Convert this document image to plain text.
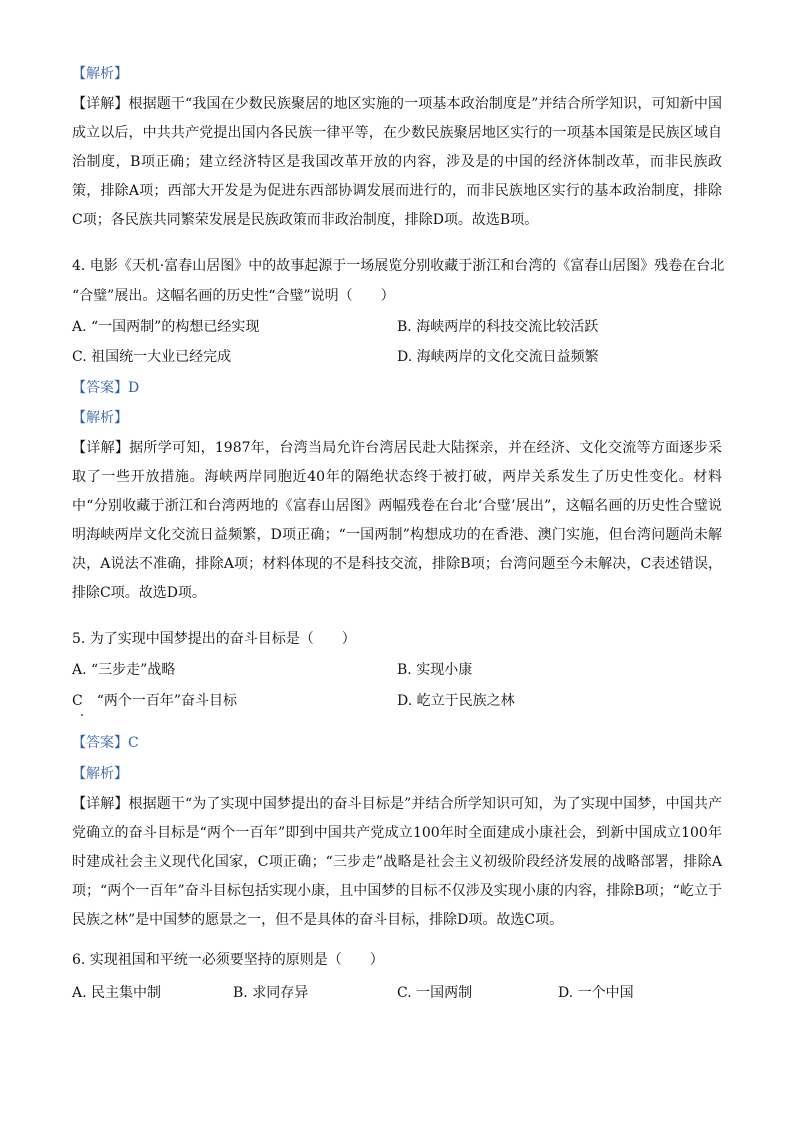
【解析】
【详解】根据题干“我国在少数民族聚居的地区实施的一项基本政治制度是”并结合所学知识，可知新中国成立以后，中共共产党提出国内各民族一律平等，在少数民族聚居地区实行的一项基本国策是民族区域自治制度，B项正确；建立经济特区是我国改革开放的内容，涉及是的中国的经济体制改革，而非民族政策，排除A项；西部大开发是为促进东西部协调发展而进行的，而非民族地区实行的基本政治制度，排除C项；各民族共同繁荣发展是民族政策而非政治制度，排除D项。故选B项。
4. 电影《天机·富春山居图》中的故事起源于一场展览分别收藏于浙江和台湾的《富春山居图》残卷在台北
“合璧”展出。这幅名画的历史性“合璧”说明（　　）
A. “一国两制”的构想已经实现	B. 海峡两岸的科技交流比较活跃
C. 祖国统一大业已经完成	D. 海峡两岸的文化交流日益频繁
【答案】D
【解析】
【详解】据所学可知，1987年，台湾当局允许台湾居民赴大陆探亲，并在经济、文化交流等方面逐步采取了一些开放措施。海峡两岸同胞近40年的隔绝状态终于被打破，两岸关系发生了历史性变化。材料中“分别收藏于浙江和台湾两地的《富春山居图》两幅残卷在台北‘合璧’展出”，这幅名画的历史性合璧说明海峡两岸文化交流日益频繁，D项正确；“一国两制”构想成功的在香港、澳门实施，但台湾问题尚未解决，A说法不准确，排除A项；材料体现的不是科技交流，排除B项；台湾问题至今未解决，C表述错误，排除C项。故选D项。
5. 为了实现中国梦提出的奋斗目标是（　　）
A. “三步走”战略	B. 实现小康
C　“两个一百年”奋斗目标	D. 屹立于民族之林
【答案】C
【解析】
【详解】根据题干“为了实现中国梦提出的奋斗目标是”并结合所学知识可知，为了实现中国梦，中国共产党确立的奋斗目标是“两个一百年”即到中国共产党成立100年时全面建成小康社会，到新中国成立100年时建成社会主义现代化国家，C项正确；“三步走”战略是社会主义初级阶段经济发展的战略部署，排除A项；“两个一百年”奋斗目标包括实现小康，且中国梦的目标不仅涉及实现小康的内容，排除B项；“屹立于民族之林”是中国梦的愿景之一，但不是具体的奋斗目标，排除D项。故选C项。
6. 实现祖国和平统一必须要坚持的原则是（　　）
A. 民主集中制	B. 求同存异	C. 一国两制	D. 一个中国
